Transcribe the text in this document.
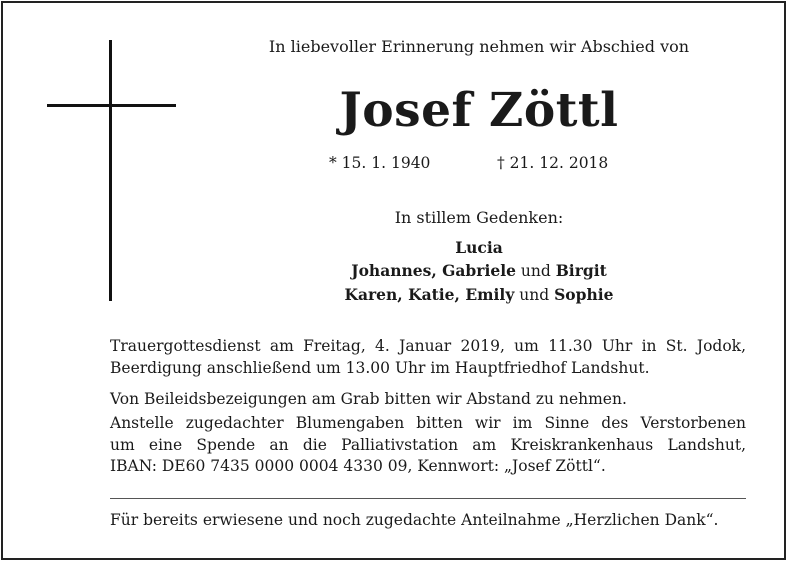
In liebevoller Erinnerung nehmen wir Abschied von
Josef Zöttl
* 15. 1. 1940	† 21. 12. 2018
In stillem Gedenken:
Lucia
Johannes, Gabriele und Birgit
Karen, Katie, Emily und Sophie
Trauergottesdienst am Freitag, 4. Januar 2019, um 11.30 Uhr in St. Jodok,
Beerdigung anschließend um 13.00 Uhr im Hauptfriedhof Landshut.
Von Beileidsbezeigungen am Grab bitten wir Abstand zu nehmen.
Anstelle zugedachter Blumengaben bitten wir im Sinne des Verstorbenen
um eine Spende an die Palliativstation am Kreiskrankenhaus Landshut,
IBAN: DE60 7435 0000 0004 4330 09, Kennwort: „Josef Zöttl“.
Für bereits erwiesene und noch zugedachte Anteilnahme „Herzlichen Dank“.
